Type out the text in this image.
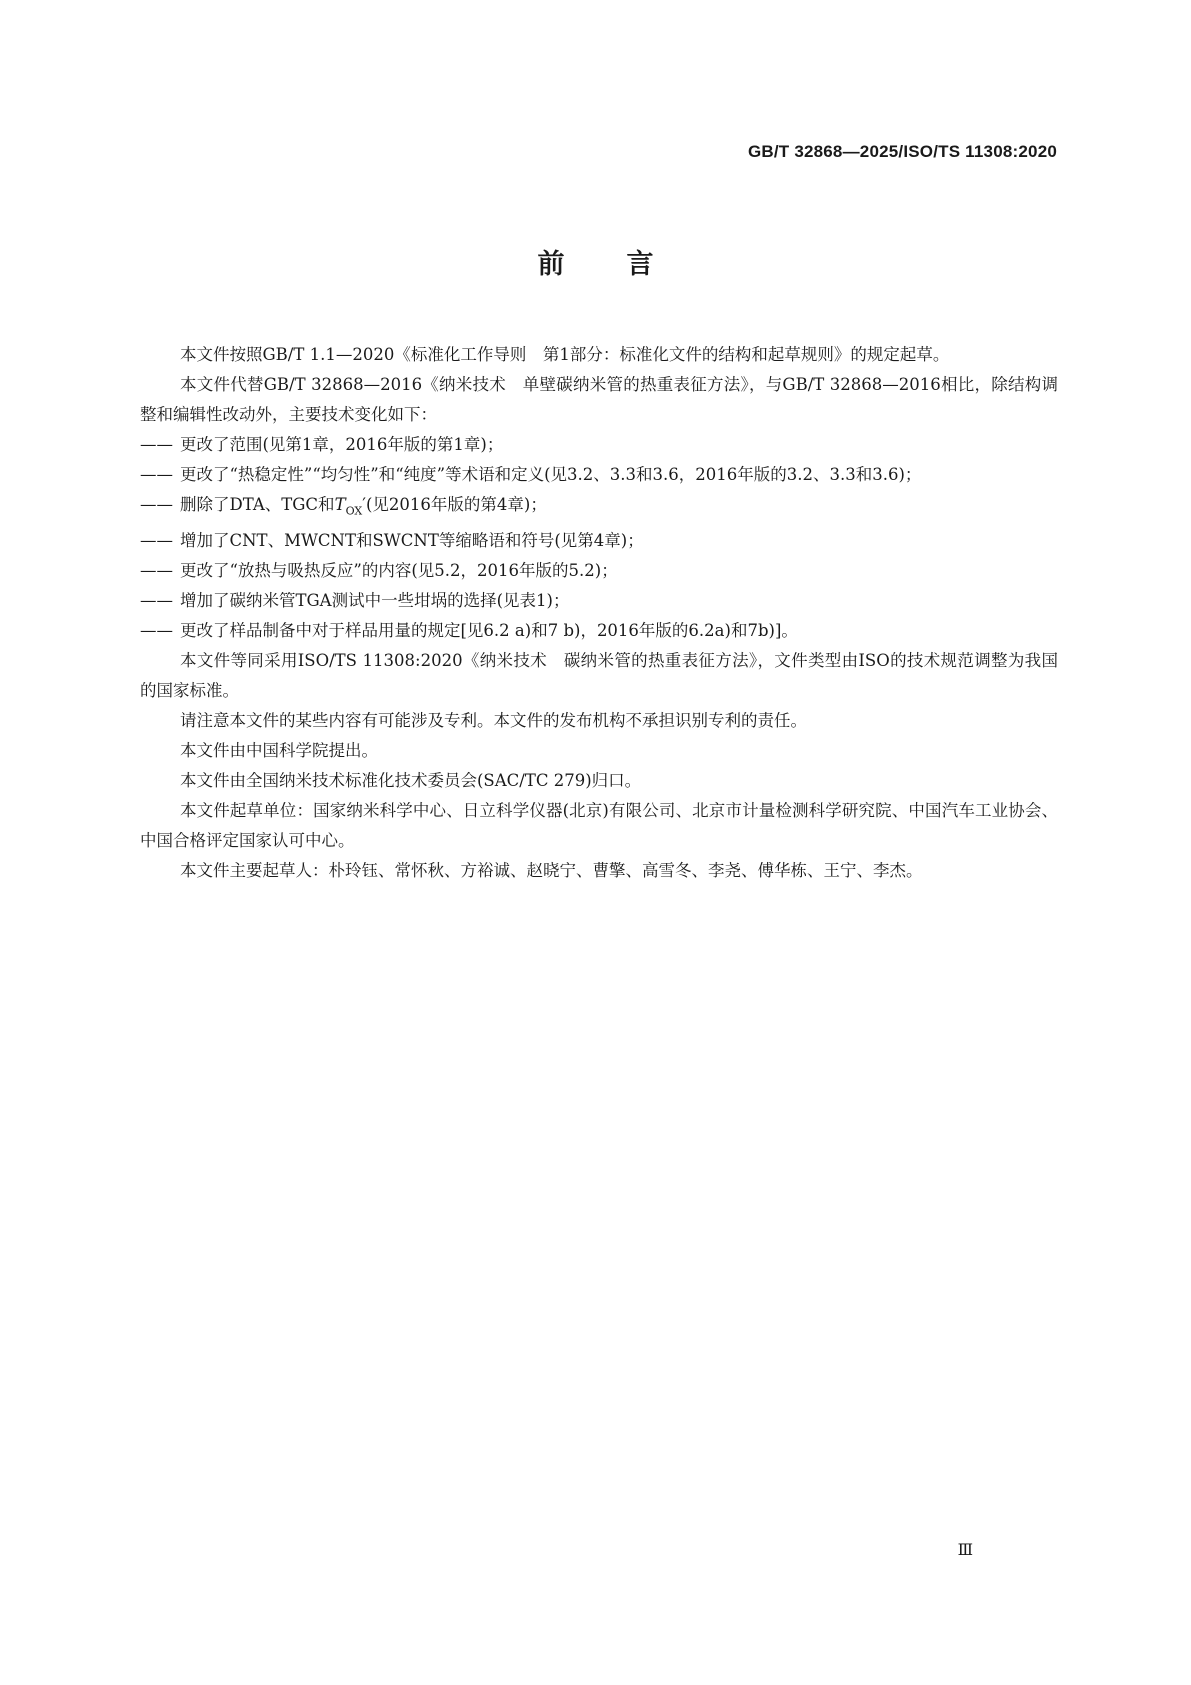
GB/T 32868—2025/ISO/TS 11308:2020
前言

本文件按照GB/T 1.1—2020《标准化工作导则　第1部分：标准化文件的结构和起草规则》的规定起草。

本文件代替GB/T 32868—2016《纳米技术　单壁碳纳米管的热重表征方法》，与GB/T 32868—2016相比，除结构调整和编辑性改动外，主要技术变化如下：

—— 更改了范围(见第1章，2016年版的第1章)；

—— 更改了“热稳定性”“均匀性”和“纯度”等术语和定义(见3.2、3.3和3.6，2016年版的3.2、3.3和3.6)；

—— 删除了DTA、TGC和$T_{OX}'$(见2016年版的第4章)；

—— 增加了CNT、MWCNT和SWCNT等缩略语和符号(见第4章)；

—— 更改了“放热与吸热反应”的内容(见5.2，2016年版的5.2)；

—— 增加了碳纳米管TGA测试中一些坩埚的选择(见表1)；

—— 更改了样品制备中对于样品用量的规定[见6.2 a)和7 b)，2016年版的6.2a)和7b)]。

本文件等同采用ISO/TS 11308:2020《纳米技术　碳纳米管的热重表征方法》，文件类型由ISO的技术规范调整为我国的国家标准。

请注意本文件的某些内容有可能涉及专利。本文件的发布机构不承担识别专利的责任。

本文件由中国科学院提出。

本文件由全国纳米技术标准化技术委员会(SAC/TC 279)归口。

本文件起草单位：国家纳米科学中心、日立科学仪器(北京)有限公司、北京市计量检测科学研究院、中国汽车工业协会、中国合格评定国家认可中心。

本文件主要起草人：朴玲钰、常怀秋、方裕诚、赵晓宁、曹擎、高雪冬、李尧、傅华栋、王宁、李杰。

Ⅲ
